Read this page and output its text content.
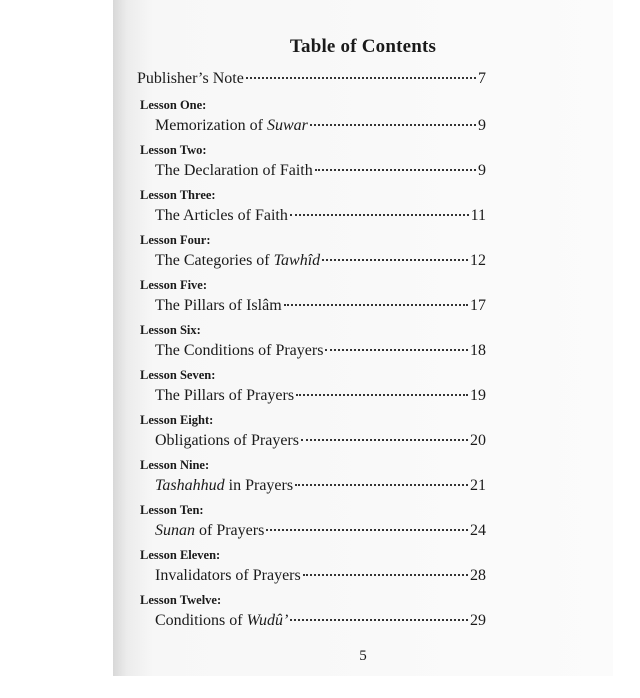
Table of Contents
Publisher’s Note	7
Lesson One:
Memorization of Suwar	9
Lesson Two:
The Declaration of Faith	9
Lesson Three:
The Articles of Faith	11
Lesson Four:
The Categories of Tawhîd	12
Lesson Five:
The Pillars of Islâm	17
Lesson Six:
The Conditions of Prayers	18
Lesson Seven:
The Pillars of Prayers	19
Lesson Eight:
Obligations of Prayers	20
Lesson Nine:
Tashahhud in Prayers	21
Lesson Ten:
Sunan of Prayers	24
Lesson Eleven:
Invalidators of Prayers	28
Lesson Twelve:
Conditions of Wudû’	29
5
